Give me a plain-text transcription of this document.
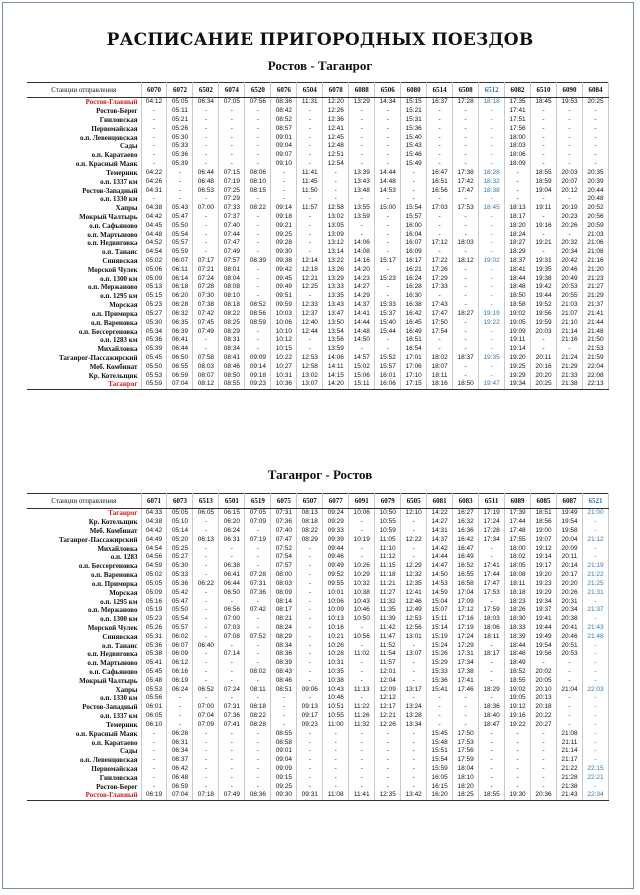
РАСПИСАНИЕ ПРИГОРОДНЫХ ПОЕЗДОВ
Ростов - Таганрог
Станции отправления	6070	6072	6502	6074	6520	6076	6504	6078	6088	6506	6080	6514	6508	6512	6082	6510	6090	6084
Ростов-Главный	04:12	05:05	06:34	07:05	07:56	08:36	11:31	12:20	13:29	14:34	15:15	16:37	17:28	18:18	17:35	18:45	19:53	20:25
Ростов-Берег	-	05:11	-	-	-	08:42	-	12:26	-	-	15:21	-	-	-	17:41	-	-	-
Гниловская	-	05:21	-	-	-	08:52	-	12:36	-	-	15:31	-	-	-	17:51	-	-	-
Первомайская	-	05:26	-	-	-	08:57	-	12:41	-	-	15:36	-	-	-	17:56	-	-	-
о.п. Левенцовская	-	05:30	-	-	-	09:01	-	12:45	-	-	15:40	-	-	-	18:00	-	-	-
Сады	-	05:33	-	-	-	09:04	-	12:48	-	-	15:43	-	-	-	18:03	-	-	-
о.п. Каратаево	-	05:36	-	-	-	09:07	-	12:51	-	-	15:46	-	-	-	18:06	-	-	-
о.п. Красный Маяк	-	05:39	-	-	-	09:10	-	12:54	-	-	15:49	-	-	-	18:09	-	-	-
Темерник	04:22	-	06:44	07:15	08:06	-	11:41	-	13:39	14:44	-	16:47	17:38	18:28	-	18:55	20:03	20:35
о.п. 1337 км	04:26	-	06:48	07:19	08:10	-	11:45	-	13:43	14:48	-	16:51	17:42	18:32	-	18:59	20:07	20:39
Ростов-Западный	04:31	-	06:53	07:25	08:15	-	11:50	-	13:48	14:53	-	16:56	17:47	18:38	-	19:04	20:12	20:44
о.п. 1330 км	-	-	-	07:29	-	-	-	-	-	-	-	-	-	-	-	-	-	20:48
Хапры	04:38	05:43	07:00	07:33	08:22	09:14	11:57	12:58	13:55	15:00	15:54	17:03	17:53	18:45	18:13	19:11	20:19	20:52
Мокрый Чалтырь	04:42	05:47	-	07:37	-	09:18	-	13:02	13:59	-	15:57	-	-	-	18:17	-	20:23	20:56
о.п. Сафьяново	04:45	05:50	-	07:40	-	09:21	-	13:05	-	-	16:00	-	-	-	18:20	19:16	20:26	20:59
о.п. Мартыново	04:48	05:54	-	07:44	-	09:25	-	13:09	-	-	16:04	-	-	-	18:24	-	-	21:03
о.п. Недвиговка	04:52	05:57	-	07:47	-	09:28	-	13:12	14:06	-	16:07	17:12	18:03	-	18:27	19:21	20:32	21:06
о.п. Танаис	04:54	05:59	-	07:49	-	09:30	-	13:14	14:08	-	16:09	-	-	-	18:29	-	20:34	21:08
Синявская	05:02	06:07	07:17	07:57	08:39	09:38	12:14	13:22	14:16	15:17	16:17	17:22	18:12	19:02	18:37	19:31	20:42	21:16
Морской Чулек	05:06	06:11	07:21	08:01	-	09:42	12:18	13:26	14:20	-	16:21	17:26	-	-	18:41	19:35	20:46	21:20
о.п. 1300 км	05:09	06:14	07:24	08:04	-	09:45	12:21	13:29	14:23	15:23	16:24	17:29	-	-	18:44	19:38	20:49	21:23
о.п. Мержаново	05:13	06:18	07:28	08:08	-	09:49	12:25	13:33	14:27	-	16:28	17:33	-	-	18:48	19:42	20:53	21:27
о.п. 1295 км	05:15	06:20	07:30	08:10	-	09:51	-	13:35	14:29	-	16:30	-	-	-	18:50	19:44	20:55	21:29
Морская	05:23	06:28	07:38	08:18	08:52	09:59	12:33	13:43	14:37	15:33	16:38	17:43	-	-	18:58	19:52	21:03	21:37
о.п. Приморка	05:27	06:32	07:42	08:22	08:56	10:03	12:37	13:47	14:41	15:37	16:42	17:47	18:27	19:19	19:02	19:56	21:07	21:41
о.п. Вареновка	05:30	06:35	07:45	08:25	08:59	10:06	12:40	13:50	14:44	15:40	16:45	17:50	-	19:22	19:05	19:59	21:10	21:44
о.п. Бессергеновка	05:34	06:39	07:49	08:29	-	10:10	12:44	13:54	14:48	15:44	16:49	17:54	-	-	19:09	20:03	21:14	21:48
о.п. 1283 км	05:36	06:41	-	08:31	-	10:12	-	13:56	14:50	-	16:51	-	-	-	19:11	-	21:16	21:50
Михайловка	05:39	06:44	-	08:34	-	10:15	-	13:59	-	-	16:54	-	-	-	19:14	-	-	21:53
Таганрог-Пассажирский	05:45	06:50	07:58	08:41	09:09	10:22	12:53	14:06	14:57	15:52	17:01	18:02	18:37	19:35	19:20	20:11	21:24	21:59
Меб. Комбинат	05:50	06:55	08:03	08:46	09:14	10:27	12:58	14:11	15:02	15:57	17:06	18:07	-	-	19:25	20:16	21:29	22:04
Кр. Котельщик	05:53	06:59	08:07	08:50	09:18	10:31	13:02	14:15	15:06	16:01	17:10	18:11	-	-	19:29	20:20	21:33	22:08
Таганрог	05:59	07:04	08:12	08:55	09:23	10:36	13:07	14:20	15:11	16:06	17:15	18:16	18:50	19:47	19:34	20:25	21:38	22:13
Таганрог - Ростов
Станции отправления	6071	6073	6513	6501	6519	6075	6507	6077	6091	6079	6505	6081	6083	6511	6089	6085	6087	6521
Таганрог	04:33	05:05	06:05	06:15	07:05	07:31	08:13	09:24	10:06	10:50	12:10	14:22	16:27	17:19	17:39	18:51	19:49	21:00
Кр. Котельщик	04:38	05:10	-	06:20	07:09	07:36	08:18	09:29	-	10:55	-	14:27	16:32	17:24	17:44	18:56	19:54	-
Меб. Комбинат	04:42	05:14	-	06:24	-	07:40	08:22	09:33	-	10:59	-	14:31	16:36	17:28	17:48	19:00	19:58	-
Таганрог-Пассажирский	04:49	05:20	06:13	06:31	07:19	07:47	08:29	09:39	10:19	11:05	12:22	14:37	16:42	17:34	17:55	19:07	20:04	21:12
Михайловка	04:54	05:25	-	-	-	07:52	-	09:44	-	11:10	-	14:42	16:47	-	18:00	19:12	20:09	-
о.п. 1283	04:56	05:27	-	-	-	07:54	-	09:46	-	11:12	-	14:44	16:49	-	18:02	19:14	20:11	-
о.п. Бессергеновка	04:59	05:30	-	06:38	-	07:57	-	09:49	10:26	11:15	12:29	14:47	16:52	17:41	18:05	19:17	20:14	21:19
о.п. Вареновка	05:02	05:33	-	06:41	07:28	08:00	-	09:52	10:29	11:18	12:32	14:50	16:55	17:44	18:08	19:20	20:17	21:22
о.п. Приморка	05:05	05:36	06:22	06:44	07:31	08:03	-	09:55	10:32	11:21	12:35	14:53	16:58	17:47	18:11	19:23	20:20	21:25
Морская	05:09	05:42	-	06:50	07:36	08:09	-	10:01	10:38	11:27	12:41	14:59	17:04	17:53	18:18	19:29	20:26	21:31
о.п. 1295 км	05:16	05:47	-	-	-	08:14	-	10:06	10:43	11:32	12:46	15:04	17:09	-	18:23	19:34	20:31	-
о.п. Мержаново	05:19	05:50	-	06:56	07:42	08:17	-	10:09	10:46	11:35	12:49	15:07	17:12	17:59	18:26	19:37	20:34	21:37
о.п. 1300 км	05:23	05:54	-	07:00	-	08:21	-	10:13	10:50	11:39	12:53	15:11	17:16	18:03	18:30	19:41	20:38	-
Морской Чулек	05:26	05:57	-	07:03	-	08:24	-	10:16	-	11:42	12:56	15:14	17:19	18:06	18:33	19:44	20:41	21:43
Синявская	05:31	06:02	-	07:08	07:52	08:29	-	10:21	10:56	11:47	13:01	15:19	17:24	18:11	18:39	19:49	20:46	21:48
о.п. Танаис	05:36	06:07	06:40	-	-	08:34	-	10:26	-	11:52	-	15:24	17:29	-	18:44	19:54	20:51	-
о.п. Недвиговка	05:38	06:09	-	07:14	-	08:36	-	10:28	11:02	11:54	13:07	15:26	17:31	18:17	18:46	19:56	20:53	-
о.п. Мартыново	05:41	06:12	-	-	-	08:39	-	10:31	-	11:57	-	15:29	17:34	-	18:49	-	-	-
о.п. Сафьяново	05:45	06:16	-	-	08:02	08:43	-	10:35	-	12:01	-	15:33	17:38	-	18:52	20:02	-	-
Мокрый Чалтырь	05:48	06:19	-	-	-	08:46	-	10:38	-	12:04	-	15:36	17:41	-	18:55	20:05	-	-
Хапры	05:53	06:24	06:52	07:24	08:11	08:51	09:06	10:43	11:13	12:09	13:17	15:41	17:46	18:29	19:02	20:10	21:04	22:03
о.п. 1330 км	05:56	-	-	-	-	-	-	10:46	-	12:12	-	-	-	-	19:05	20:13	-	-
Ростов-Западный	06:01	-	07:00	07:31	08:18	-	09:13	10:51	11:22	12:17	13:24	-	-	18:36	19:12	20:18	-	-
о.п. 1337 км	06:05	-	07:04	07:36	08:22	-	09:17	10:55	11:26	12:21	13:28	-	-	18:40	19:16	20:22	-	-
Темерник	06:10	-	07:09	07:41	08:28	-	09:23	11:00	11:32	12:26	13:34	-	-	18:47	19:22	20:27	-	-
о.п. Красный Маяк	-	06:28	-	-	-	08:55	-	-	-	-	-	15:45	17:50	-	-	-	21:08	-
о.п. Каратаево	-	06:31	-	-	-	08:58	-	-	-	-	-	15:48	17:53	-	-	-	21:11	-
Сады	-	06:34	-	-	-	09:01	-	-	-	-	-	15:51	17:56	-	-	-	21:14	-
о.п. Левенцовская	-	06:37	-	-	-	09:04	-	-	-	-	-	15:54	17:59	-	-	-	21:17	-
Первомайская	-	06:42	-	-	-	09:09	-	-	-	-	-	15:59	18:04	-	-	-	21:22	22:15
Гниловская	-	06:48	-	-	-	09:15	-	-	-	-	-	16:05	18:10	-	-	-	21:28	22:21
Ростов-Берег	-	06:59	-	-	-	09:25	-	-	-	-	-	16:15	18:20	-	-	-	21:38	-
Ростов-Главный	06:19	07:04	07:18	07:49	08:36	09:30	09:31	11:08	11:41	12:35	13:42	16:20	18:25	18:55	19:30	20:36	21:43	22:34
